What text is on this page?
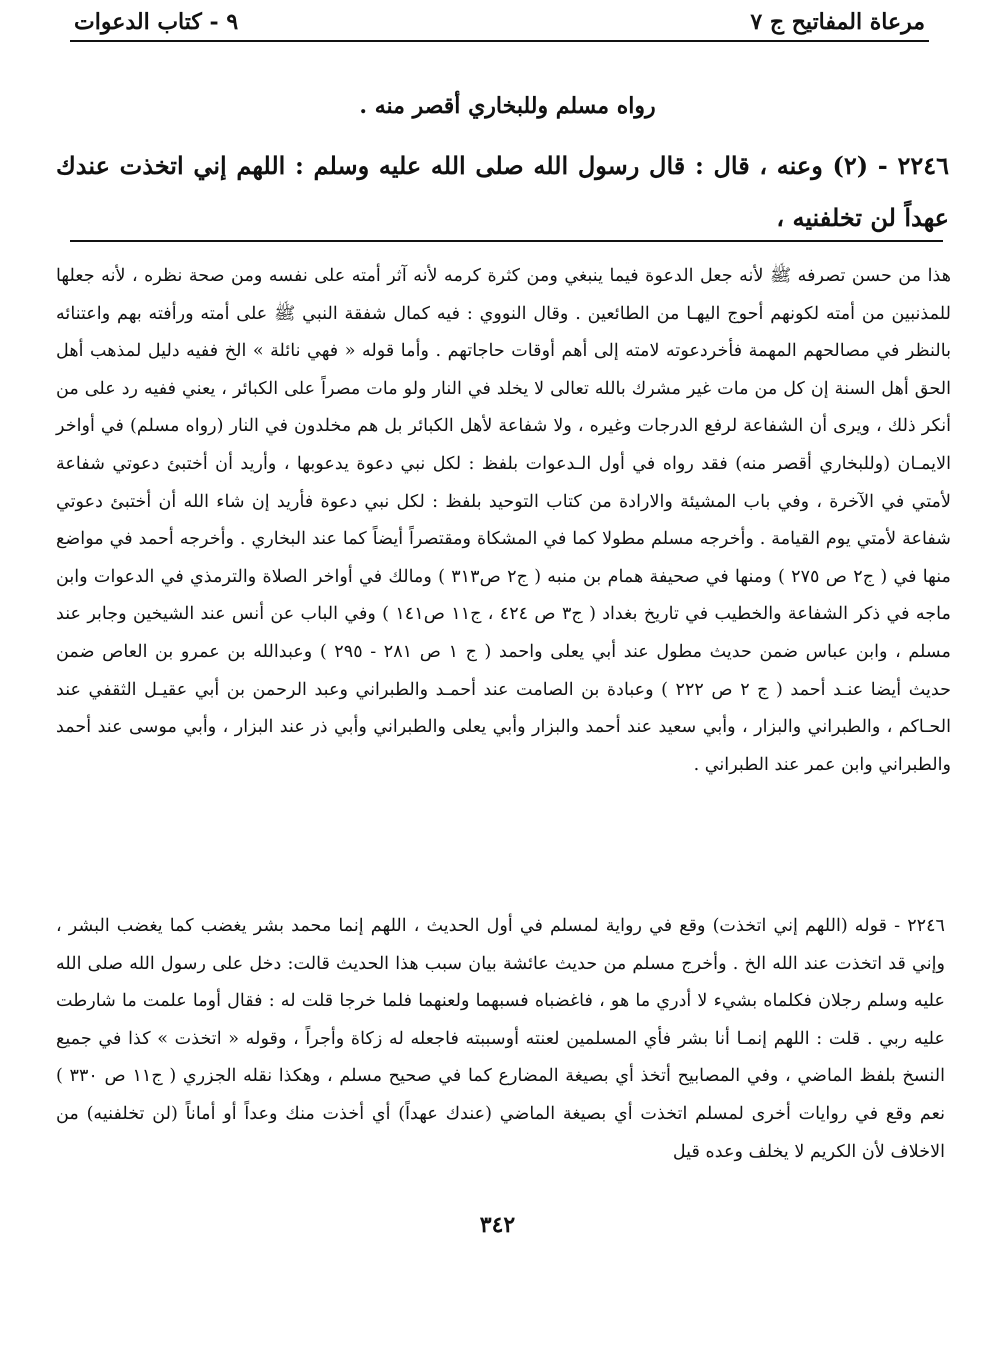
مرعاة المفاتيح ج ٧
٩ - كتاب الدعوات

رواه مسلم وللبخاري أقصر منه .

٢٢٤٦ - (٢) وعنه ، قال : قال رسول الله صلى الله عليه وسلم : اللهم إني اتخذت عندك عهداً لن تخلفنيه ،

هذا من حسن تصرفه ﷺ لأنه جعل الدعوة فيما ينبغي ومن كثرة كرمه لأنه آثر أمته على نفسه ومن صحة نظره ، لأنه جعلها للمذنبين من أمته لكونهم أحوج اليهـا من الطائعين . وقال النووي : فيه كمال شفقة النبي ﷺ على أمته ورأفته بهم واعتنائه بالنظر في مصالحهم المهمة فأخردعوته لامته إلى أهم أوقات حاجاتهم . وأما قوله « فهي نائلة » الخ ففيه دليل لمذهب أهل الحق أهل السنة إن كل من مات غير مشرك بالله تعالى لا يخلد في النار ولو مات مصراً على الكبائر ، يعني ففيه رد على من أنكر ذلك ، ويرى أن الشفاعة لرفع الدرجات وغيره ، ولا شفاعة لأهل الكبائر بل هم مخلدون في النار (رواه مسلم) في أواخر الايمـان (وللبخاري أقصر منه) فقد رواه في أول الـدعوات بلفظ : لكل نبي دعوة يدعوبها ، وأريد أن أختبئ دعوتي شفاعة لأمتي في الآخرة ، وفي باب المشيئة والارادة من كتاب التوحيد بلفظ : لكل نبي دعوة فأريد إن شاء الله أن أختبئ دعوتي شفاعة لأمتي يوم القيامة . وأخرجه مسلم مطولا كما في المشكاة ومقتصراً أيضاً كما عند البخاري . وأخرجه أحمد في مواضع منها في ( ج٢ ص ٢٧٥ ) ومنها في صحيفة همام بن منبه ( ج٢ ص٣١٣ ) ومالك في أواخر الصلاة والترمذي في الدعوات وابن ماجه في ذكر الشفاعة والخطيب في تاريخ بغداد ( ج٣ ص ٤٢٤ ، ج١١ ص١٤١ ) وفي الباب عن أنس عند الشيخين وجابر عند مسلم ، وابن عباس ضمن حديث مطول عند أبي يعلى واحمد ( ج ١ ص ٢٨١ - ٢٩٥ ) وعبدالله بن عمرو بن العاص ضمن حديث أيضا عنـد أحمد ( ج ٢ ص ٢٢٢ ) وعبادة بن الصامت عند أحمـد والطبراني وعبد الرحمن بن أبي عقيـل الثقفي عند الحـاكم ، والطبراني والبزار ، وأبي سعيد عند أحمد والبزار وأبي يعلى والطبراني وأبي ذر عند البزار ، وأبي موسى عند أحمد والطبراني وابن عمر عند الطبراني .

٢٢٤٦ - قوله (اللهم إني اتخذت) وقع في رواية لمسلم في أول الحديث ، اللهم إنما محمد بشر يغضب كما يغضب البشر ، وإني قد اتخذت عند الله الخ . وأخرج مسلم من حديث عائشة بيان سبب هذا الحديث قالت: دخل على رسول الله صلى الله عليه وسلم رجلان فكلماه بشيء لا أدري ما هو ، فاغضباه فسبهما ولعنهما فلما خرجا قلت له : فقال أوما علمت ما شارطت عليه ربي . قلت : اللهم إنمـا أنا بشر فأي المسلمين لعنته أوسببته فاجعله له زكاة وأجراً ، وقوله « اتخذت » كذا في جميع النسخ بلفظ الماضي ، وفي المصابيح أتخذ أي بصيغة المضارع كما في صحيح مسلم ، وهكذا نقله الجزري ( ج١١ ص ٣٣٠ ) نعم وقع في روايات أخرى لمسلم اتخذت أي بصيغة الماضي (عندك عهداً) أي أخذت منك وعداً أو أماناً (لن تخلفنيه) من الاخلاف لأن الكريم لا يخلف وعده قيل

٣٤٢
